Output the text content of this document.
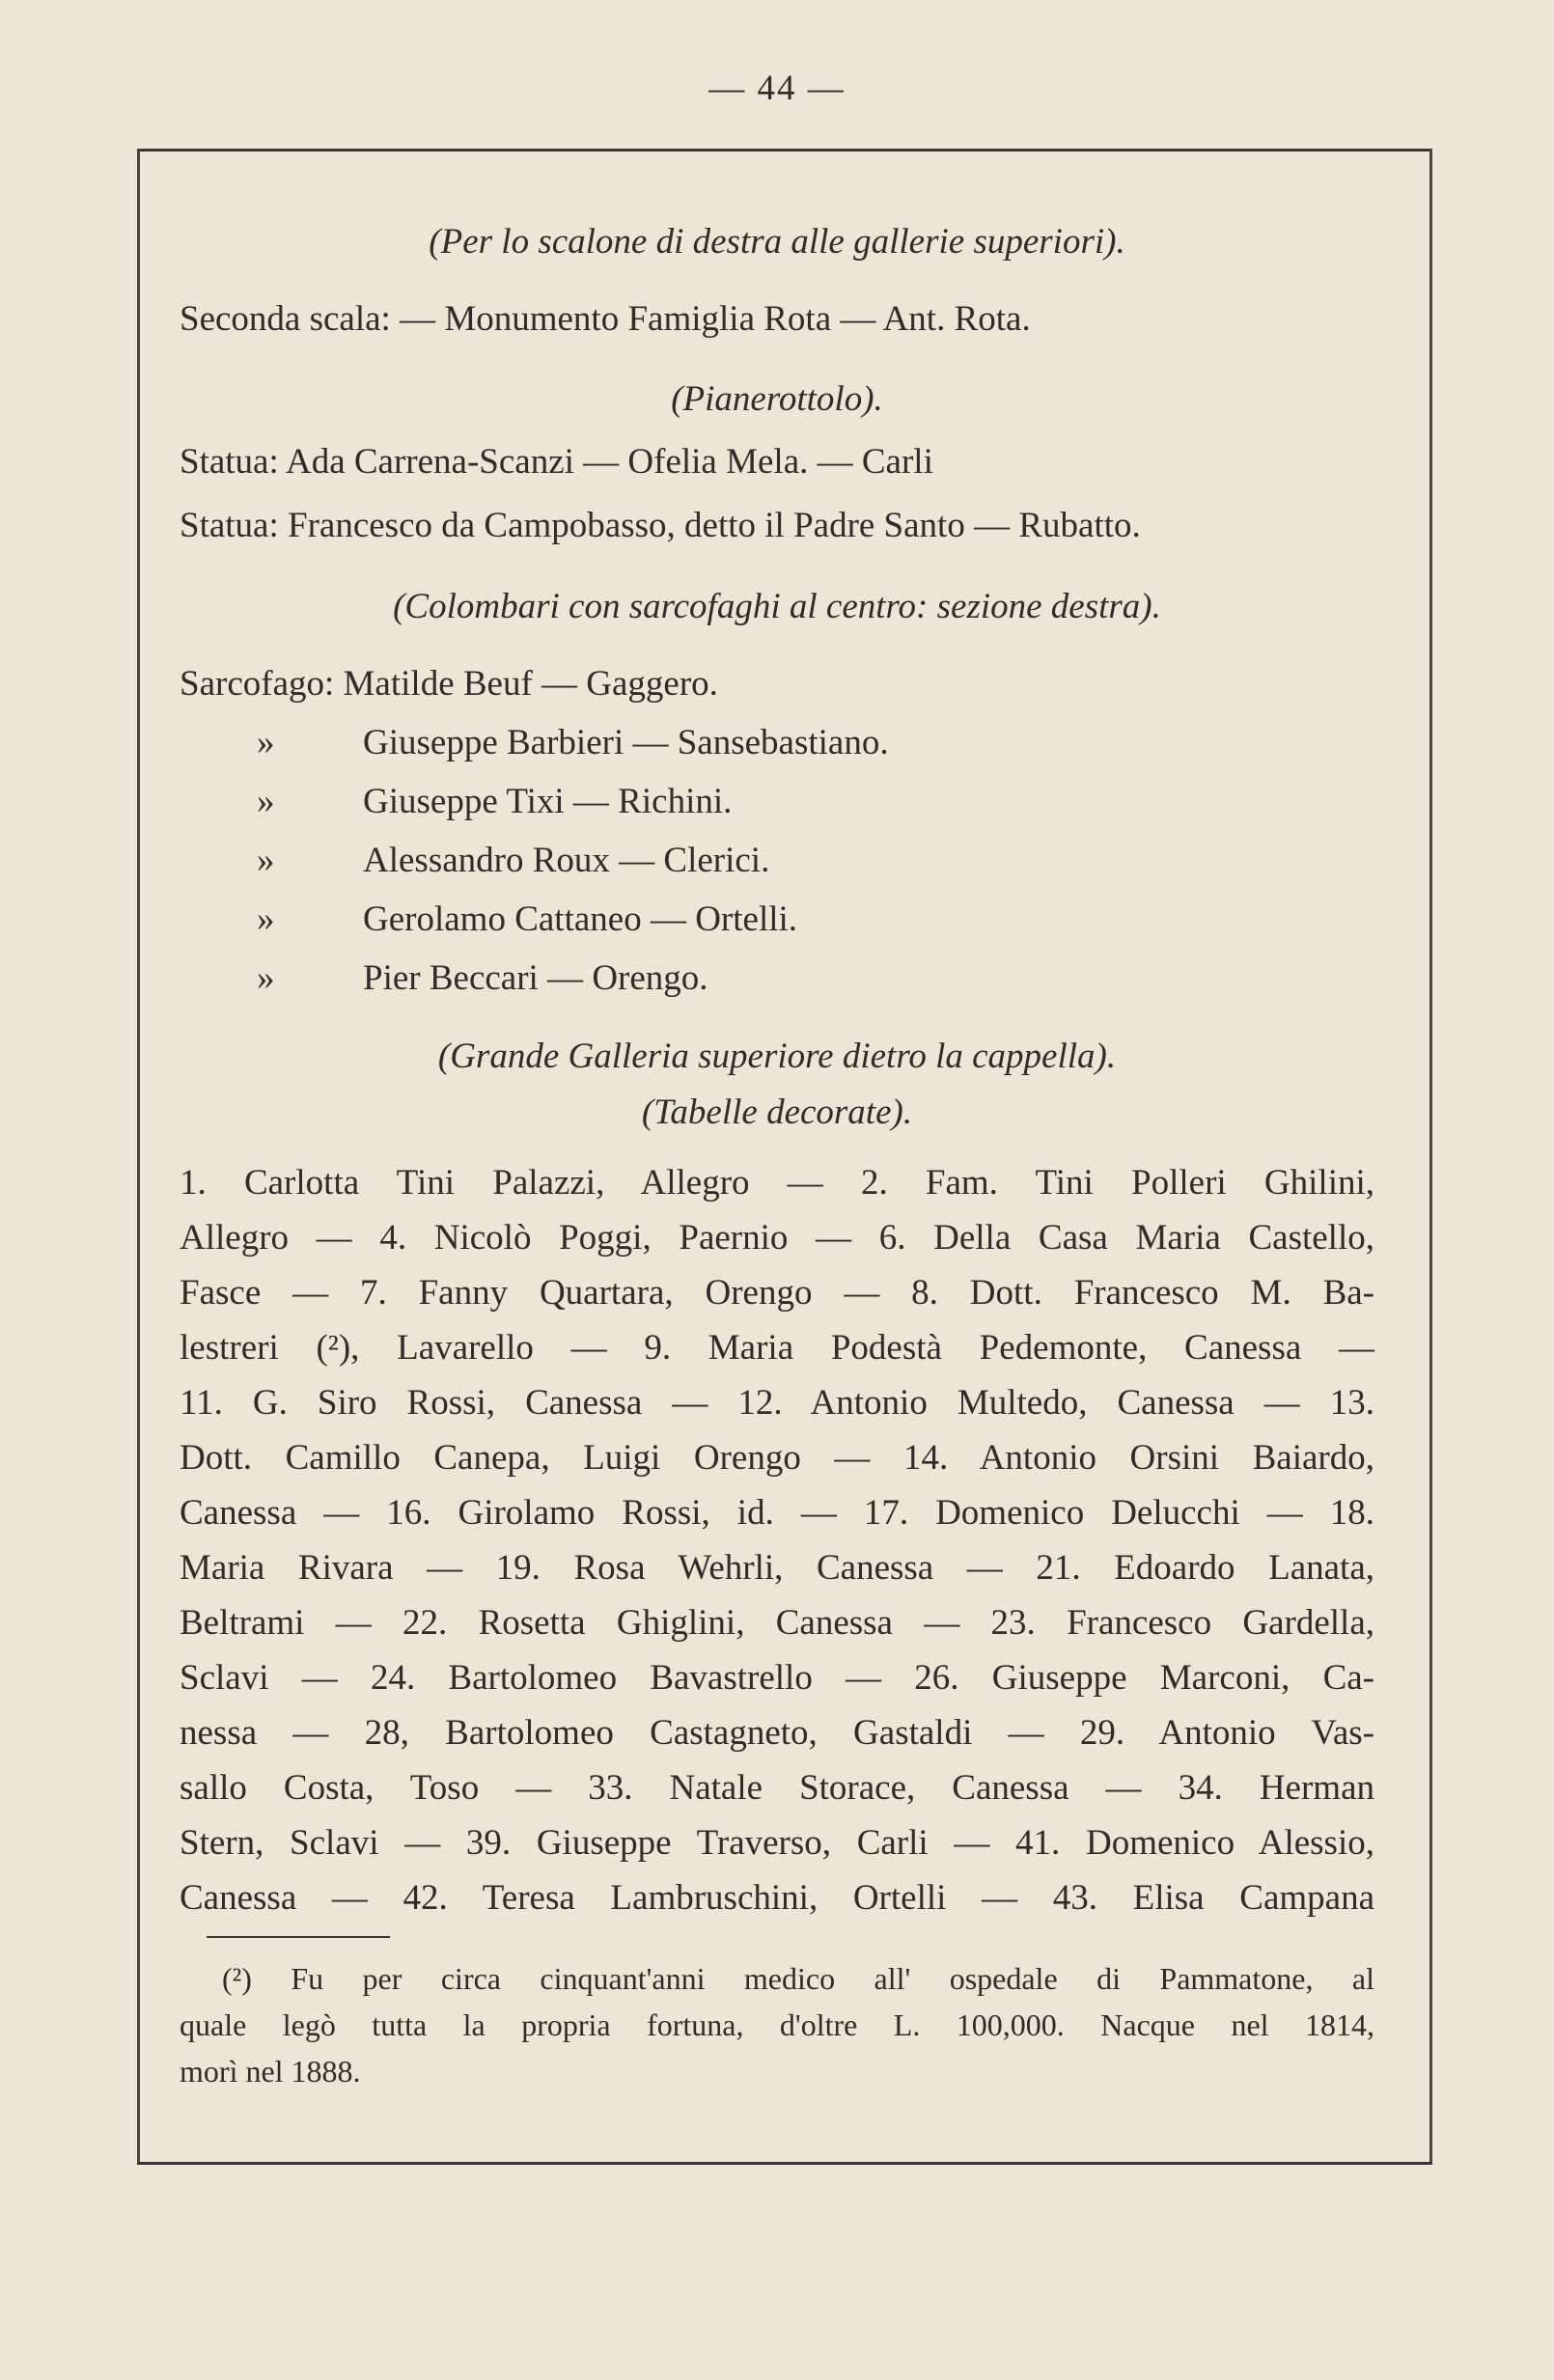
— 44 —
(Per lo scalone di destra alle gallerie superiori).
Seconda scala: — Monumento Famiglia Rota — Ant. Rota.
(Pianerottolo).
Statua: Ada Carrena-Scanzi — Ofelia Mela. — Carli
Statua: Francesco da Campobasso, detto il Padre Santo — Rubatto.
(Colombari con sarcofaghi al centro: sezione destra).
Sarcofago: Matilde Beuf — Gaggero.
» Giuseppe Barbieri — Sansebastiano.
» Giuseppe Tixi — Richini.
» Alessandro Roux — Clerici.
» Gerolamo Cattaneo — Ortelli.
» Pier Beccari — Orengo.
(Grande Galleria superiore dietro la cappella).
(Tabelle decorate).
1. Carlotta Tini Palazzi, Allegro — 2. Fam. Tini Polleri Ghilini,
Allegro — 4. Nicolò Poggi, Paernio — 6. Della Casa Maria Castello,
Fasce — 7. Fanny Quartara, Orengo — 8. Dott. Francesco M. Ba-
lestreri (²), Lavarello — 9. Maria Podestà Pedemonte, Canessa —
11. G. Siro Rossi, Canessa — 12. Antonio Multedo, Canessa — 13.
Dott. Camillo Canepa, Luigi Orengo — 14. Antonio Orsini Baiardo,
Canessa — 16. Girolamo Rossi, id. — 17. Domenico Delucchi — 18.
Maria Rivara — 19. Rosa Wehrli, Canessa — 21. Edoardo Lanata,
Beltrami — 22. Rosetta Ghiglini, Canessa — 23. Francesco Gardella,
Sclavi — 24. Bartolomeo Bavastrello — 26. Giuseppe Marconi, Ca-
nessa — 28, Bartolomeo Castagneto, Gastaldi — 29. Antonio Vas-
sallo Costa, Toso — 33. Natale Storace, Canessa — 34. Herman
Stern, Sclavi — 39. Giuseppe Traverso, Carli — 41. Domenico Alessio,
Canessa — 42. Teresa Lambruschini, Ortelli — 43. Elisa Campana
(²) Fu per circa cinquant'anni medico all' ospedale di Pammatone, al
quale legò tutta la propria fortuna, d'oltre L. 100,000. Nacque nel 1814,
morì nel 1888.
